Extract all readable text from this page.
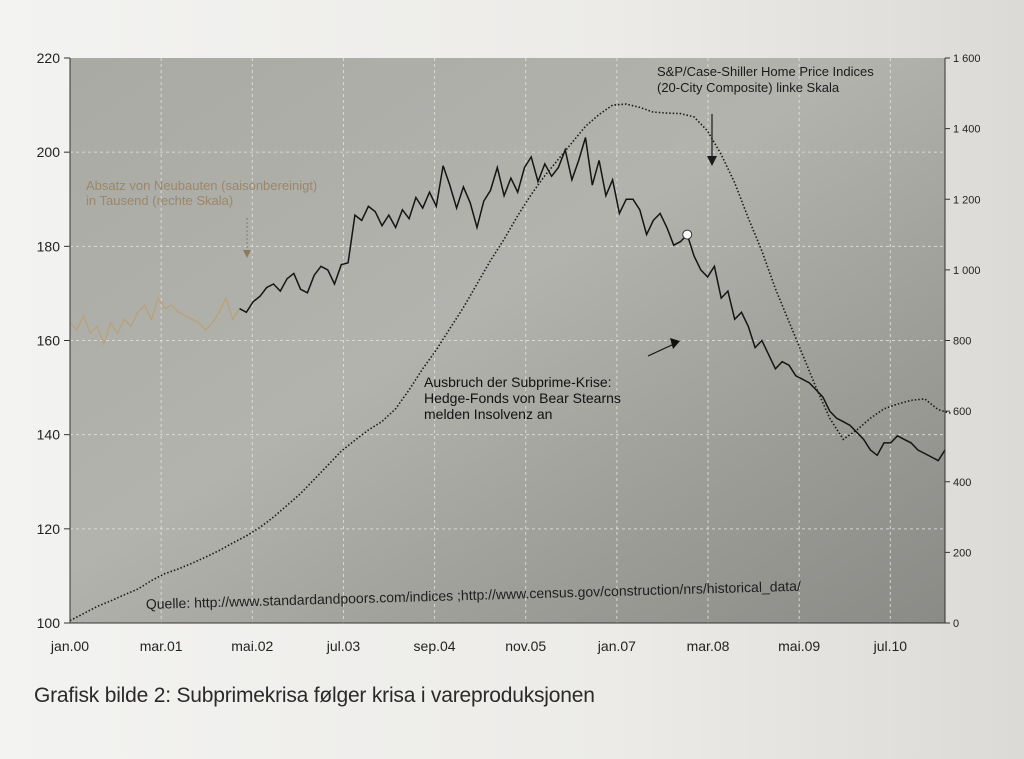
jan.00	mar.01	mai.02	jul.03	sep.04	nov.05	jan.07	mar.08	mai.09	jul.10
100
120
140
160
180
200
220
0
200
400
600
800
1 000
1 200
1 400
1 600
Absatz von Neubauten (saisonbereinigt)
in Tausend (rechte Skala)
S&P/Case-Shiller Home Price Indices
(20-City Composite) linke Skala
Ausbruch der Subprime-Krise:
Hedge-Fonds von Bear Stearns
melden Insolvenz an
Quelle: http://www.standardandpoors.com/indices ;http://www.census.gov/construction/nrs/historical_data/
Grafisk bilde 2: Subprimekrisa følger krisa i vareproduksjonen
